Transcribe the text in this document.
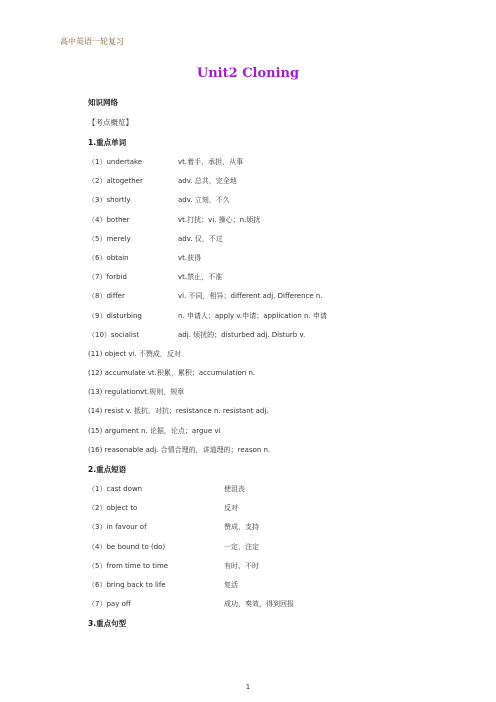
高中英语一轮复习
Unit2 Cloning
知识网络
【考点概览】
1.重点单词
（1）undertake	vt.着手，承担，从事
（2）altogether	adv. 总共，完全地
（3）shortly	adv. 立刻，不久
（4）bother	vt.打扰；vi. 操心；n.烦扰
（5）merely	adv. 仅，不过
（6）obtain	vt.获得
（7）forbid	vt.禁止，不准
（8）differ	vi. 不同，相异；different adj. Difference n.
（9）disturbing	n. 申请人；apply v.申请；application n. 申请
（10）socialist	adj. 烦扰的；disturbed adj. Disturb v.
(11) object vi. 不赞成，反对
(12) accumulate vt.积累，累积；accumulation n.
(13) regulationvt.规则，规章
(14) resist v. 抵抗，对抗；resistance n. resistant adj.
(15) argument n. 论据，论点；argue vi
(16) reasonable adj. 合情合理的，讲道理的；reason n.
2.重点短语
（1）cast down	使沮丧
（2）object to	反对
（3）in favour of	赞成，支持
（4）be bound to (do)	一定，注定
（5）from time to time	有时，不时
（6）bring back to life	复活
（7）pay off	成功，奏效，得到回报
3.重点句型
1
